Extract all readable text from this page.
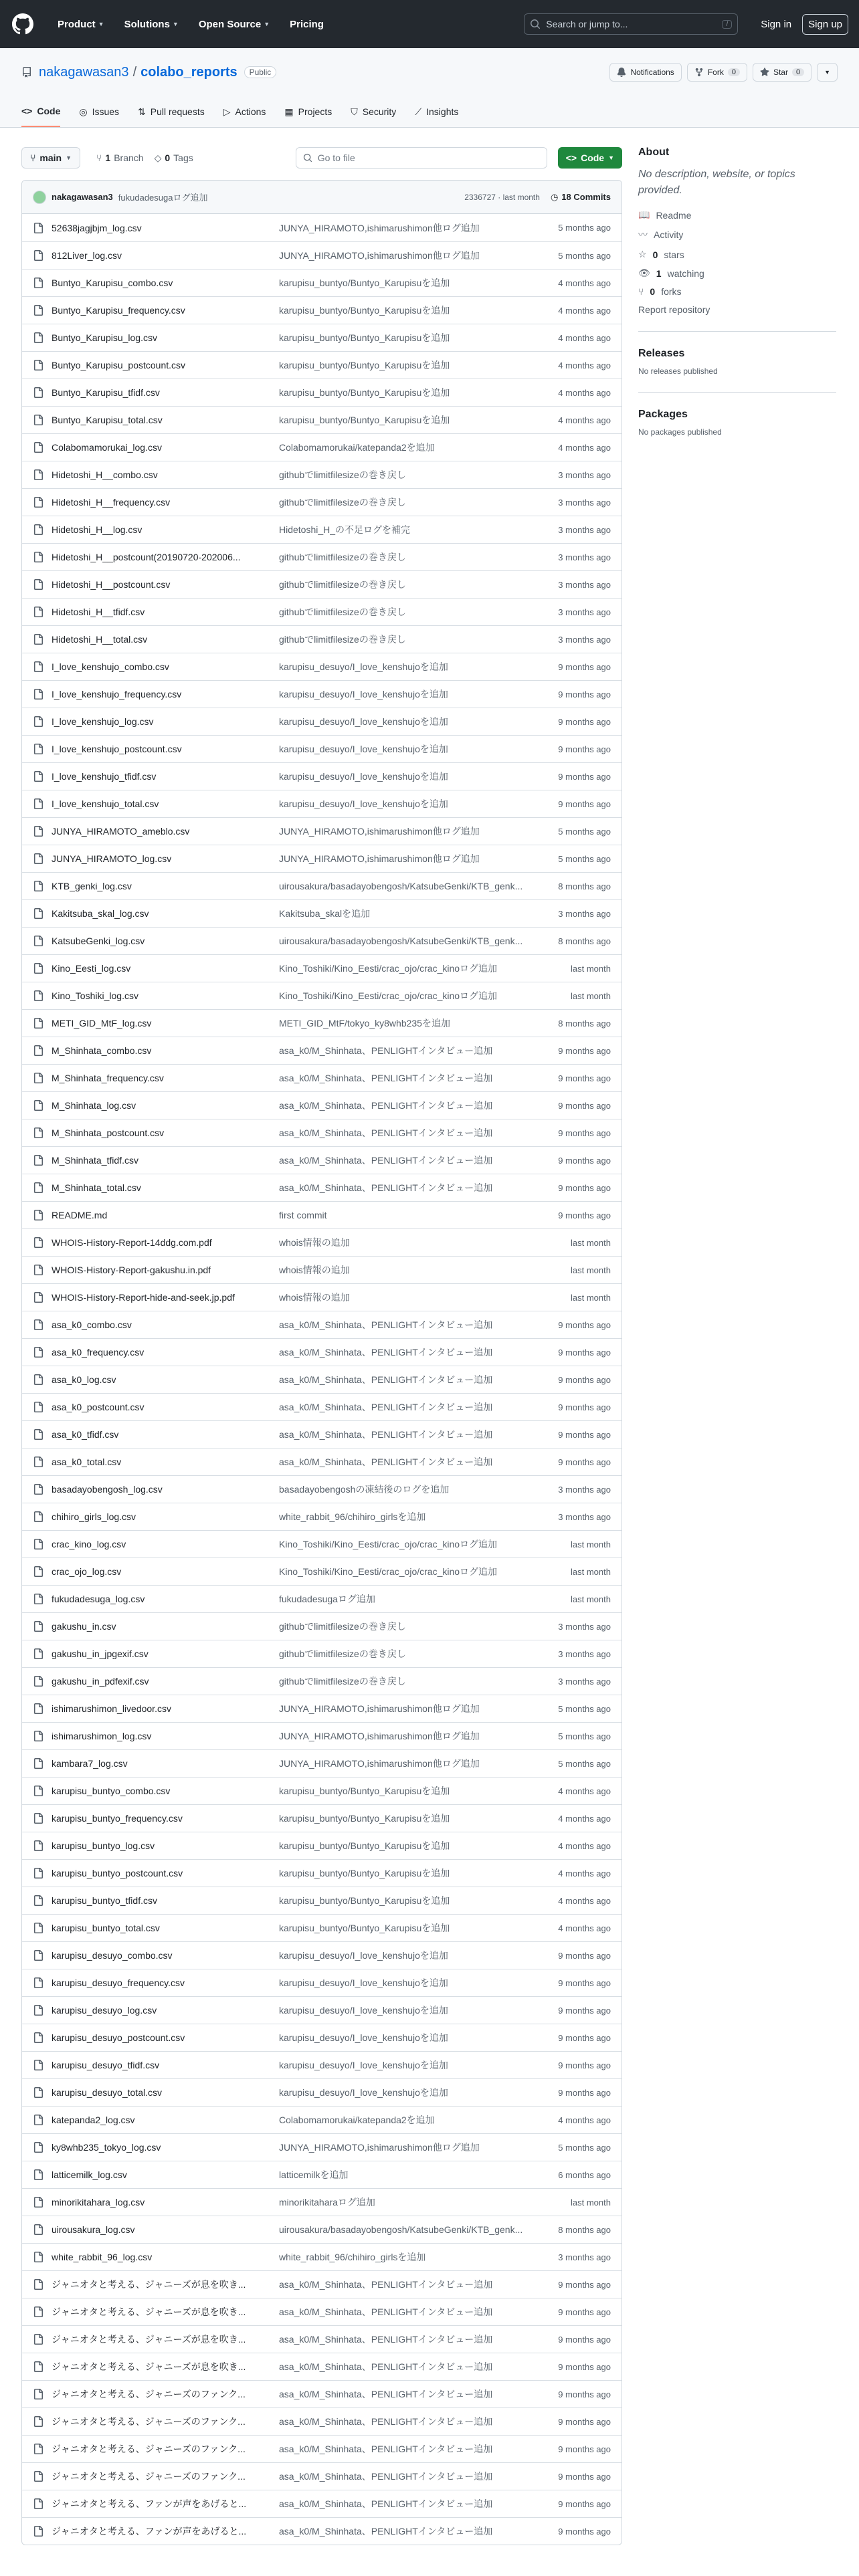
Product ▼ Solutions ▼ Open Source ▼ Pricing	Search or jump to...	/	Sign in	Sign up
nakagawasan3 / colabo_reports	Public	Notifications	Fork	0	Star	0	▼
<> Code ◎ Issues ⇅ Pull requests ▷ Actions ▦ Projects ⛉ Security ⟋ Insights
⑂ main ▼	⑂ 1 Branch ◇ 0 Tags	Go to file	<> Code ▼
nakagawasan3 fukudadesugaログ追加	2336727 · last month ◷ 18 Commits
52638jagjbjm_log.csv	JUNYA_HIRAMOTO,ishimarushimon他ログ追加	5 months ago
812Liver_log.csv	JUNYA_HIRAMOTO,ishimarushimon他ログ追加	5 months ago
Buntyo_Karupisu_combo.csv	karupisu_buntyo/Buntyo_Karupisuを追加	4 months ago
Buntyo_Karupisu_frequency.csv	karupisu_buntyo/Buntyo_Karupisuを追加	4 months ago
Buntyo_Karupisu_log.csv	karupisu_buntyo/Buntyo_Karupisuを追加	4 months ago
Buntyo_Karupisu_postcount.csv	karupisu_buntyo/Buntyo_Karupisuを追加	4 months ago
Buntyo_Karupisu_tfidf.csv	karupisu_buntyo/Buntyo_Karupisuを追加	4 months ago
Buntyo_Karupisu_total.csv	karupisu_buntyo/Buntyo_Karupisuを追加	4 months ago
Colabomamorukai_log.csv	Colabomamorukai/katepanda2を追加	4 months ago
Hidetoshi_H__combo.csv	githubでlimitfilesizeの巻き戻し	3 months ago
Hidetoshi_H__frequency.csv	githubでlimitfilesizeの巻き戻し	3 months ago
Hidetoshi_H__log.csv	Hidetoshi_H_の不足ログを補完	3 months ago
Hidetoshi_H__postcount(20190720-202006...	githubでlimitfilesizeの巻き戻し	3 months ago
Hidetoshi_H__postcount.csv	githubでlimitfilesizeの巻き戻し	3 months ago
Hidetoshi_H__tfidf.csv	githubでlimitfilesizeの巻き戻し	3 months ago
Hidetoshi_H__total.csv	githubでlimitfilesizeの巻き戻し	3 months ago
I_love_kenshujo_combo.csv	karupisu_desuyo/I_love_kenshujoを追加	9 months ago
I_love_kenshujo_frequency.csv	karupisu_desuyo/I_love_kenshujoを追加	9 months ago
I_love_kenshujo_log.csv	karupisu_desuyo/I_love_kenshujoを追加	9 months ago
I_love_kenshujo_postcount.csv	karupisu_desuyo/I_love_kenshujoを追加	9 months ago
I_love_kenshujo_tfidf.csv	karupisu_desuyo/I_love_kenshujoを追加	9 months ago
I_love_kenshujo_total.csv	karupisu_desuyo/I_love_kenshujoを追加	9 months ago
JUNYA_HIRAMOTO_ameblo.csv	JUNYA_HIRAMOTO,ishimarushimon他ログ追加	5 months ago
JUNYA_HIRAMOTO_log.csv	JUNYA_HIRAMOTO,ishimarushimon他ログ追加	5 months ago
KTB_genki_log.csv	uirousakura/basadayobengosh/KatsubeGenki/KTB_genk...	8 months ago
Kakitsuba_skal_log.csv	Kakitsuba_skalを追加	3 months ago
KatsubeGenki_log.csv	uirousakura/basadayobengosh/KatsubeGenki/KTB_genk...	8 months ago
Kino_Eesti_log.csv	Kino_Toshiki/Kino_Eesti/crac_ojo/crac_kinoログ追加	last month
Kino_Toshiki_log.csv	Kino_Toshiki/Kino_Eesti/crac_ojo/crac_kinoログ追加	last month
METI_GID_MtF_log.csv	METI_GID_MtF/tokyo_ky8whb235を追加	8 months ago
M_Shinhata_combo.csv	asa_k0/M_Shinhata、PENLIGHTインタビュー追加	9 months ago
M_Shinhata_frequency.csv	asa_k0/M_Shinhata、PENLIGHTインタビュー追加	9 months ago
M_Shinhata_log.csv	asa_k0/M_Shinhata、PENLIGHTインタビュー追加	9 months ago
M_Shinhata_postcount.csv	asa_k0/M_Shinhata、PENLIGHTインタビュー追加	9 months ago
M_Shinhata_tfidf.csv	asa_k0/M_Shinhata、PENLIGHTインタビュー追加	9 months ago
M_Shinhata_total.csv	asa_k0/M_Shinhata、PENLIGHTインタビュー追加	9 months ago
README.md	first commit	9 months ago
WHOIS-History-Report-14ddg.com.pdf	whois情報の追加	last month
WHOIS-History-Report-gakushu.in.pdf	whois情報の追加	last month
WHOIS-History-Report-hide-and-seek.jp.pdf	whois情報の追加	last month
asa_k0_combo.csv	asa_k0/M_Shinhata、PENLIGHTインタビュー追加	9 months ago
asa_k0_frequency.csv	asa_k0/M_Shinhata、PENLIGHTインタビュー追加	9 months ago
asa_k0_log.csv	asa_k0/M_Shinhata、PENLIGHTインタビュー追加	9 months ago
asa_k0_postcount.csv	asa_k0/M_Shinhata、PENLIGHTインタビュー追加	9 months ago
asa_k0_tfidf.csv	asa_k0/M_Shinhata、PENLIGHTインタビュー追加	9 months ago
asa_k0_total.csv	asa_k0/M_Shinhata、PENLIGHTインタビュー追加	9 months ago
basadayobengosh_log.csv	basadayobengoshの凍結後のログを追加	3 months ago
chihiro_girls_log.csv	white_rabbit_96/chihiro_girlsを追加	3 months ago
crac_kino_log.csv	Kino_Toshiki/Kino_Eesti/crac_ojo/crac_kinoログ追加	last month
crac_ojo_log.csv	Kino_Toshiki/Kino_Eesti/crac_ojo/crac_kinoログ追加	last month
fukudadesuga_log.csv	fukudadesugaログ追加	last month
gakushu_in.csv	githubでlimitfilesizeの巻き戻し	3 months ago
gakushu_in_jpgexif.csv	githubでlimitfilesizeの巻き戻し	3 months ago
gakushu_in_pdfexif.csv	githubでlimitfilesizeの巻き戻し	3 months ago
ishimarushimon_livedoor.csv	JUNYA_HIRAMOTO,ishimarushimon他ログ追加	5 months ago
ishimarushimon_log.csv	JUNYA_HIRAMOTO,ishimarushimon他ログ追加	5 months ago
kambara7_log.csv	JUNYA_HIRAMOTO,ishimarushimon他ログ追加	5 months ago
karupisu_buntyo_combo.csv	karupisu_buntyo/Buntyo_Karupisuを追加	4 months ago
karupisu_buntyo_frequency.csv	karupisu_buntyo/Buntyo_Karupisuを追加	4 months ago
karupisu_buntyo_log.csv	karupisu_buntyo/Buntyo_Karupisuを追加	4 months ago
karupisu_buntyo_postcount.csv	karupisu_buntyo/Buntyo_Karupisuを追加	4 months ago
karupisu_buntyo_tfidf.csv	karupisu_buntyo/Buntyo_Karupisuを追加	4 months ago
karupisu_buntyo_total.csv	karupisu_buntyo/Buntyo_Karupisuを追加	4 months ago
karupisu_desuyo_combo.csv	karupisu_desuyo/I_love_kenshujoを追加	9 months ago
karupisu_desuyo_frequency.csv	karupisu_desuyo/I_love_kenshujoを追加	9 months ago
karupisu_desuyo_log.csv	karupisu_desuyo/I_love_kenshujoを追加	9 months ago
karupisu_desuyo_postcount.csv	karupisu_desuyo/I_love_kenshujoを追加	9 months ago
karupisu_desuyo_tfidf.csv	karupisu_desuyo/I_love_kenshujoを追加	9 months ago
karupisu_desuyo_total.csv	karupisu_desuyo/I_love_kenshujoを追加	9 months ago
katepanda2_log.csv	Colabomamorukai/katepanda2を追加	4 months ago
ky8whb235_tokyo_log.csv	JUNYA_HIRAMOTO,ishimarushimon他ログ追加	5 months ago
latticemilk_log.csv	latticemilkを追加	6 months ago
minorikitahara_log.csv	minorikitaharaログ追加	last month
uirousakura_log.csv	uirousakura/basadayobengosh/KatsubeGenki/KTB_genk...	8 months ago
white_rabbit_96_log.csv	white_rabbit_96/chihiro_girlsを追加	3 months ago
ジャニオタと考える、ジャニーズが息を吹き...	asa_k0/M_Shinhata、PENLIGHTインタビュー追加	9 months ago
ジャニオタと考える、ジャニーズが息を吹き...	asa_k0/M_Shinhata、PENLIGHTインタビュー追加	9 months ago
ジャニオタと考える、ジャニーズが息を吹き...	asa_k0/M_Shinhata、PENLIGHTインタビュー追加	9 months ago
ジャニオタと考える、ジャニーズが息を吹き...	asa_k0/M_Shinhata、PENLIGHTインタビュー追加	9 months ago
ジャニオタと考える、ジャニーズのファンク...	asa_k0/M_Shinhata、PENLIGHTインタビュー追加	9 months ago
ジャニオタと考える、ジャニーズのファンク...	asa_k0/M_Shinhata、PENLIGHTインタビュー追加	9 months ago
ジャニオタと考える、ジャニーズのファンク...	asa_k0/M_Shinhata、PENLIGHTインタビュー追加	9 months ago
ジャニオタと考える、ジャニーズのファンク...	asa_k0/M_Shinhata、PENLIGHTインタビュー追加	9 months ago
ジャニオタと考える、ファンが声をあげると...	asa_k0/M_Shinhata、PENLIGHTインタビュー追加	9 months ago
ジャニオタと考える、ファンが声をあげると...	asa_k0/M_Shinhata、PENLIGHTインタビュー追加	9 months ago
About

No description, website, or topics provided.

📖 Readme
〰 Activity
☆ 0 stars
👁 1 watching
⑂ 0 forks
Report repository
Releases

No releases published

Packages

No packages published
